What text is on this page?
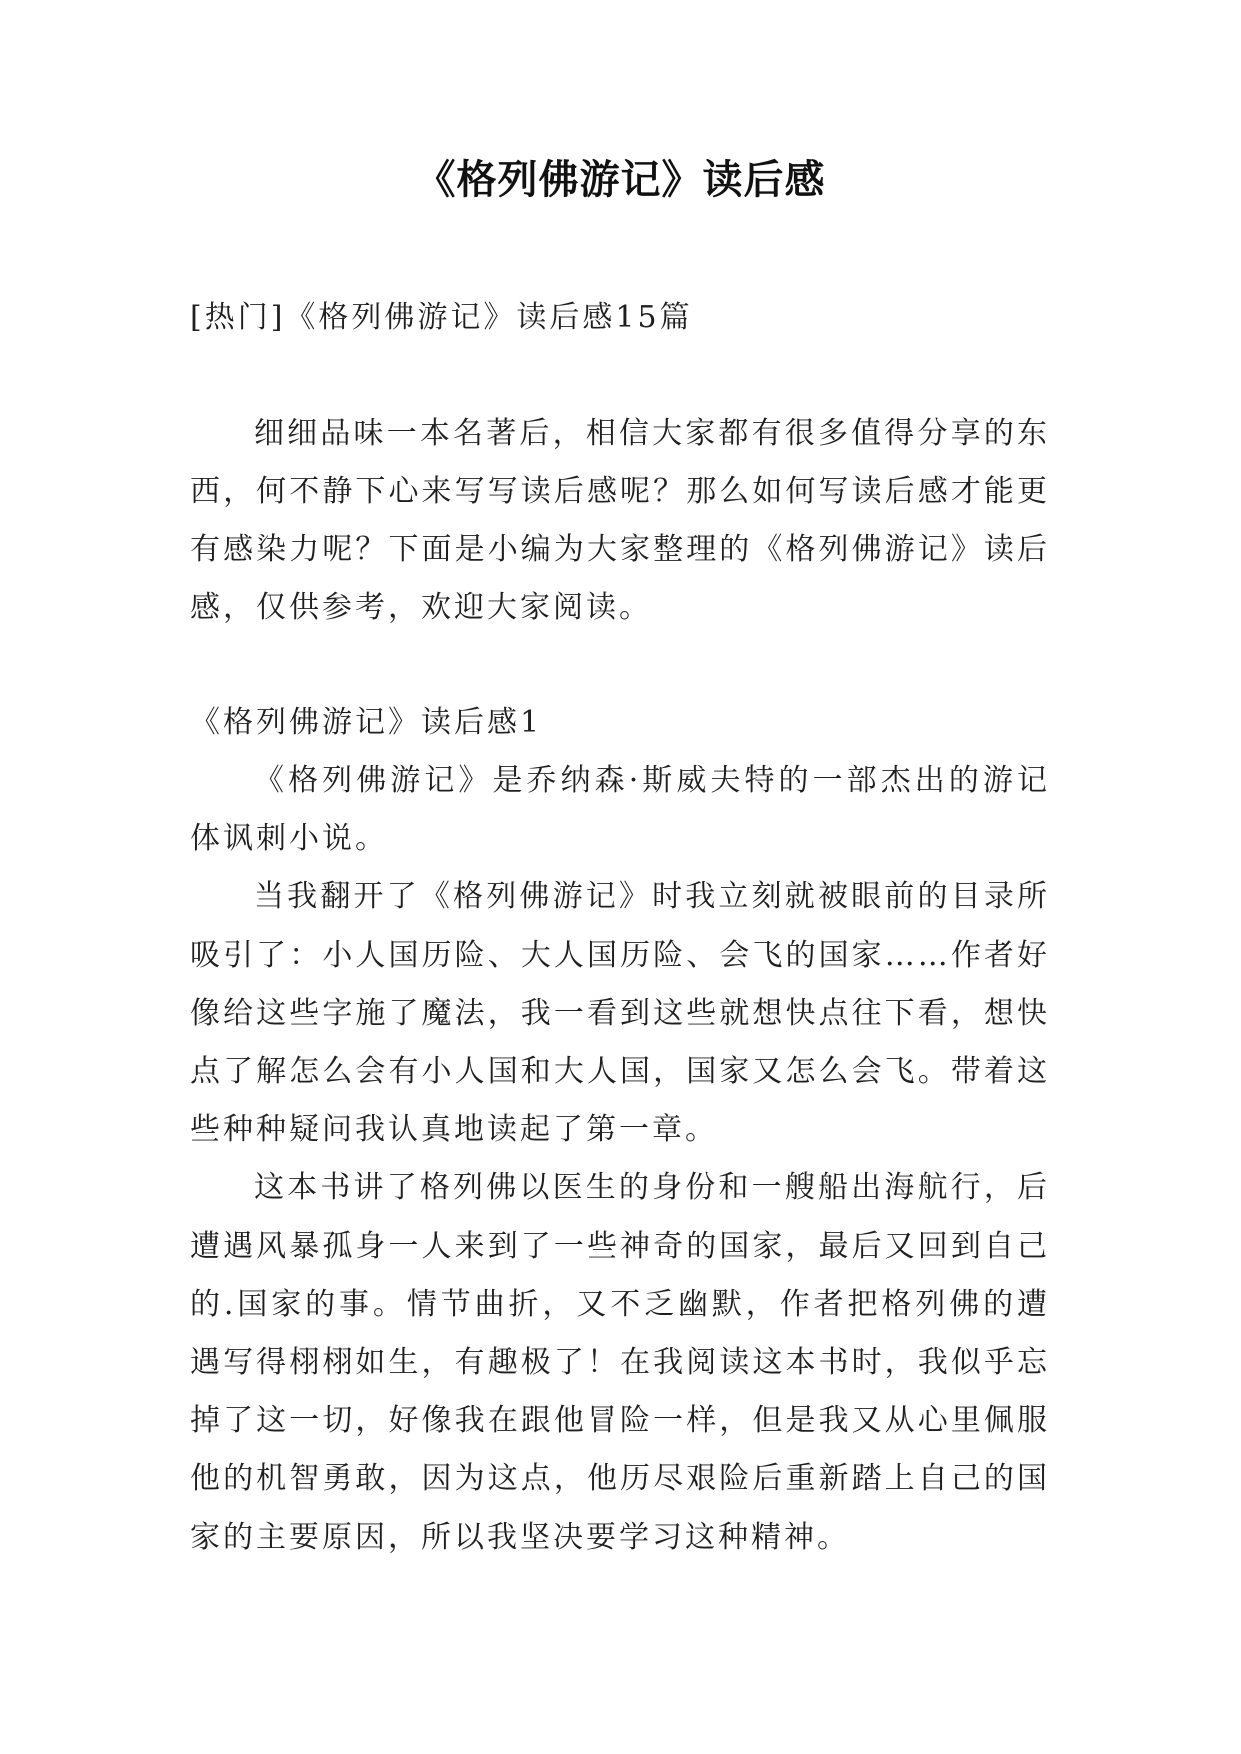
《格列佛游记》读后感
[热门]《格列佛游记》读后感15篇

细细品味一本名著后，相信大家都有很多值得分享的东西，何不静下心来写写读后感呢？那么如何写读后感才能更有感染力呢？下面是小编为大家整理的《格列佛游记》读后感，仅供参考，欢迎大家阅读。

《格列佛游记》读后感1

《格列佛游记》是乔纳森·斯威夫特的一部杰出的游记体讽刺小说。

当我翻开了《格列佛游记》时我立刻就被眼前的目录所吸引了：小人国历险、大人国历险、会飞的国家……作者好像给这些字施了魔法，我一看到这些就想快点往下看，想快点了解怎么会有小人国和大人国，国家又怎么会飞。带着这些种种疑问我认真地读起了第一章。

这本书讲了格列佛以医生的身份和一艘船出海航行，后遭遇风暴孤身一人来到了一些神奇的国家，最后又回到自己的.国家的事。情节曲折，又不乏幽默，作者把格列佛的遭遇写得栩栩如生，有趣极了！在我阅读这本书时，我似乎忘掉了这一切，好像我在跟他冒险一样，但是我又从心里佩服他的机智勇敢，因为这点，他历尽艰险后重新踏上自己的国家的主要原因，所以我坚决要学习这种精神。
